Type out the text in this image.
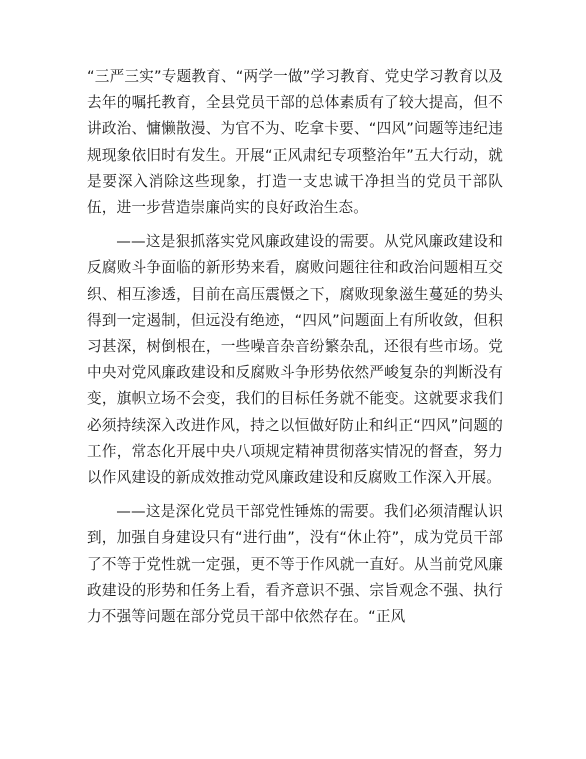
“三严三实”专题教育、“两学一做”学习教育、党史学习教育以及去年的嘱托教育，全县党员干部的总体素质有了较大提高，但不讲政治、慵懒散漫、为官不为、吃拿卡要、“四风”问题等违纪违规现象依旧时有发生。开展“正风肃纪专项整治年”五大行动，就是要深入消除这些现象，打造一支忠诚干净担当的党员干部队伍，进一步营造崇廉尚实的良好政治生态。

——这是狠抓落实党风廉政建设的需要。从党风廉政建设和反腐败斗争面临的新形势来看，腐败问题往往和政治问题相互交织、相互渗透，目前在高压震慑之下，腐败现象滋生蔓延的势头得到一定遏制，但远没有绝迹，“四风”问题面上有所收敛，但积习甚深，树倒根在，一些噪音杂音纷繁杂乱，还很有些市场。党中央对党风廉政建设和反腐败斗争形势依然严峻复杂的判断没有变，旗帜立场不会变，我们的目标任务就不能变。这就要求我们必须持续深入改进作风，持之以恒做好防止和纠正“四风”问题的工作，常态化开展中央八项规定精神贯彻落实情况的督查，努力以作风建设的新成效推动党风廉政建设和反腐败工作深入开展。

——这是深化党员干部党性锤炼的需要。我们必须清醒认识到，加强自身建设只有“进行曲”，没有“休止符”，成为党员干部了不等于党性就一定强，更不等于作风就一直好。从当前党风廉政建设的形势和任务上看，看齐意识不强、宗旨观念不强、执行力不强等问题在部分党员干部中依然存在。“正风
